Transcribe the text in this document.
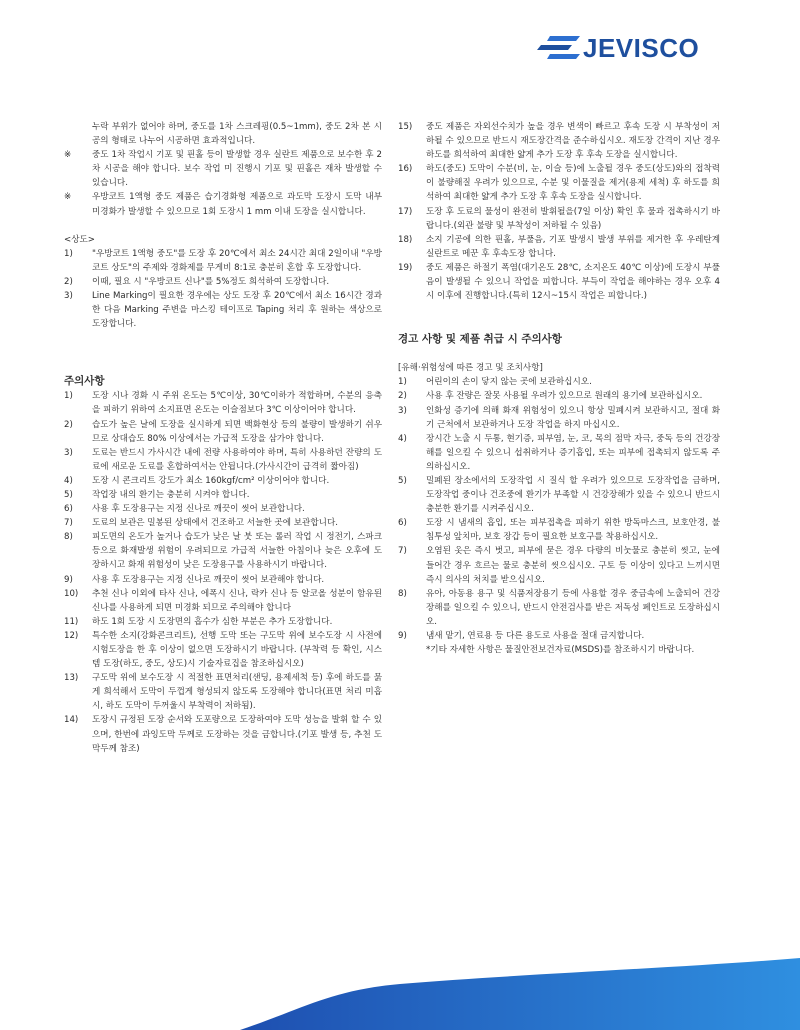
JEVISCO
누락 부위가 없어야 하며, 중도를 1차 스크레핑(0.5~1mm), 중도 2차 본 시공의 형태로 나누어 시공하면 효과적입니다.
※	중도 1차 작업시 기포 및 핀홀 등이 발생할 경우 실란트 제품으로 보수한 후 2차 시공을 해야 합니다. 보수 작업 미 진행시 기포 및 핀홀은 재차 발생할 수 있습니다.
※	우방코트 1액형 중도 제품은 습기경화형 제품으로 과도막 도장시 도막 내부 미경화가 발생할 수 있으므로 1회 도장시 1 mm 이내 도장을 실시합니다.
<상도>
1)	"우방코트 1액형 중도"를 도장 후 20℃에서 최소 24시간 최대 2일이내 "우방코트 상도"의 주제와 경화제를 무게비 8:1로 충분히 혼합 후 도장합니다.
2)	이때, 필요 시 "우방코트 신나"를 5%정도 희석하여 도장합니다.
3)	Line Marking이 필요한 경우에는 상도 도장 후 20℃에서 최소 16시간 경과한 다음 Marking 주변을 마스킹 테이프로 Taping 처리 후 원하는 색상으로 도장합니다.
주의사항
1)	도장 시나 경화 시 주위 온도는 5℃이상, 30℃이하가 적합하며, 수분의 응축을 피하기 위하여 소지표면 온도는 이슬점보다 3℃ 이상이어야 합니다.
2)	습도가 높은 날에 도장을 실시하게 되면 백화현상 등의 불량이 발생하기 쉬우므로 상대습도 80% 이상에서는 가급적 도장을 삼가야 합니다.
3)	도료는 반드시 가사시간 내에 전량 사용하여야 하며, 특히 사용하던 잔량의 도료에 새로운 도료를 혼합하여서는 안됩니다.(가사시간이 급격히 짧아짐)
4)	도장 시 콘크리트 강도가 최소 160kgf/cm² 이상이어야 합니다.
5)	작업장 내의 환기는 충분히 시켜야 합니다.
6)	사용 후 도장용구는 지정 신나로 깨끗이 씻어 보관합니다.
7)	도료의 보관은 밀봉된 상태에서 건조하고 서늘한 곳에 보관합니다.
8)	피도면의 온도가 높거나 습도가 낮은 날 붓 또는 롤러 작업 시 정전기, 스파크 등으로 화재발생 위험이 우려되므로 가급적 서늘한 아침이나 늦은 오후에 도장하시고 화재 위험성이 낮은 도장용구를 사용하시기 바랍니다.
9)	사용 후 도장용구는 지정 신나로 깨끗이 씻어 보관해야 합니다.
10)	추천 신나 이외에 타사 신나, 에폭시 신나, 락카 신나 등 알코올 성분이 함유된 신나를 사용하게 되면 미경화 되므로 주의해야 합니다
11)	하도 1회 도장 시 도장면의 흡수가 심한 부분은 추가 도장합니다.
12)	특수한 소지(강화콘크리트), 선행 도막 또는 구도막 위에 보수도장 시 사전에 시험도장을 한 후 이상이 없으면 도장하시기 바랍니다. (부착력 등 확인, 시스템 도장(하도, 중도, 상도)시 기술자료집을 참조하십시오)
13)	구도막 위에 보수도장 시 적절한 표면처리(샌딩, 용제세척 등) 후에 하도를 묽게 희석해서 도막이 두껍게 형성되지 않도록 도장해야 합니다(표면 처리 미흡시, 하도 도막이 두꺼울시 부착력이 저하됨).
14)	도장시 규정된 도장 순서와 도포량으로 도장하여야 도막 성능을 발휘 할 수 있으며, 한번에 과잉도막 두께로 도장하는 것을 금합니다.(기포 발생 등, 추천 도막두께 참조)
15)	중도 제품은 자외선수치가 높을 경우 변색이 빠르고 후속 도장 시 부착성이 저하될 수 있으므로 반드시 재도장간격을 준수하십시오. 재도장 간격이 지난 경우 하도를 희석하여 최대한 얇게 추가 도장 후 후속 도장을 실시합니다.
16)	하도(중도) 도막이 수분(비, 눈, 이슬 등)에 노출될 경우 중도(상도)와의 접착력이 불량해질 우려가 있으므로, 수분 및 이물질을 제거(용제 세척) 후 하도를 희석하여 최대한 얇게 추가 도장 후 후속 도장을 실시합니다.
17)	도장 후 도료의 물성이 완전히 발휘될을(7일 이상) 확인 후 물과 접촉하시기 바랍니다.(외관 불량 및 부착성이 저하될 수 있음)
18)	소지 기공에 의한 핀홀, 부풀음, 기포 발생시 발생 부위를 제거한 후 우레탄계 실란트로 메꾼 후 후속도장 합니다.
19)	중도 제품은 하절기 폭염(대기온도 28℃, 소지온도 40℃ 이상)에 도장시 부풀음이 발생될 수 있으니 작업을 피합니다. 부득이 작업을 해야하는 경우 오후 4시 이후에 진행합니다.(특히 12시~15시 작업은 피합니다.)
경고 사항 및 제품 취급 시 주의사항
[유해·위험성에 따른 경고 및 조치사항]
1)	어린이의 손이 닿지 않는 곳에 보관하십시오.
2)	사용 후 잔량은 잘못 사용될 우려가 있으므로 원래의 용기에 보관하십시오.
3)	인화성 증기에 의해 화재 위험성이 있으니 항상 밀폐시켜 보관하시고, 절대 화기 근처에서 보관하거나 도장 작업을 하지 마십시오.
4)	장시간 노출 시 두통, 현기증, 피부염, 눈, 코, 목의 점막 자극, 중독 등의 건강장해를 일으킬 수 있으니 섭취하거나 증기흡입, 또는 피부에 접촉되지 않도록 주의하십시오.
5)	밀폐된 장소에서의 도장작업 시 질식 할 우려가 있으므로 도장작업을 금하며, 도장작업 중이나 건조중에 환기가 부족할 시 건강장해가 있을 수 있으니 반드시 충분한 환기를 시켜주십시오.
6)	도장 시 냄새의 흡입, 또는 피부접촉을 피하기 위한 방독마스크, 보호안경, 불 침투성 앞치마, 보호 장갑 등이 필요한 보호구를 착용하십시오.
7)	오염된 옷은 즉시 벗고, 피부에 묻은 경우 다량의 비눗물로 충분히 씻고, 눈에 들어간 경우 흐르는 물로 충분히 씻으십시오. 구토 등 이상이 있다고 느끼시면 즉시 의사의 처치를 받으십시오.
8)	유아, 아동용 용구 및 식품저장용기 등에 사용할 경우 중금속에 노출되어 건강장해를 일으킬 수 있으니, 반드시 안전검사를 받은 저독성 페인트로 도장하십시오.
9)	냄새 맡기, 연료용 등 다른 용도로 사용을 절대 금지합니다.
*기타 자세한 사항은 물질안전보건자료(MSDS)를 참조하시기 바랍니다.
